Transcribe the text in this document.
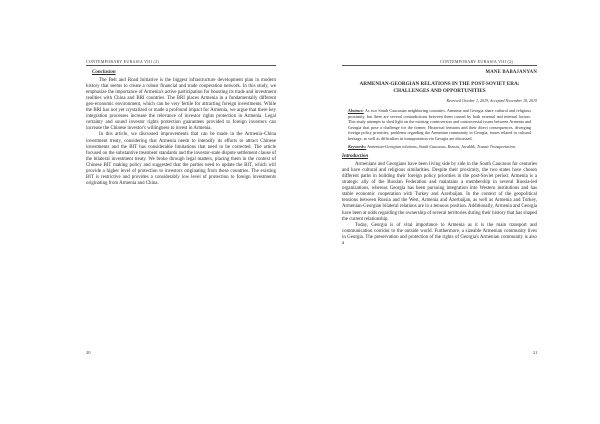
CONTEMPORARY EURASIA VIII (2)
Conclusion

The Belt and Road Initiative is the biggest infrastructure development plan in modern history that seems to create a robust financial and trade cooperation network. In this study, we emphasize the importance of Armenia's active participation for boosting its trade and investment realities with China and BRI countries. The BRI places Armenia in a fundamentally different geo-economic environment, which can be very fertile for attracting foreign investments. While the BRI has not yet crystalized or made a profound impact for Armenia, we argue that there key integration processes increase the relevance of investor rights protection in Armenia. Legal certainty and sound investor rights protection guarantees provided to foreign investors can increase the Chinese investor's willingness to invest in Armenia.

In this article, we discussed improvements that can be made in the Armenia–China investment treaty, considering that Armenia needs to intensify its efforts to attract Chinese investments and the BIT has considerable limitations that need to be corrected. The article focused on the substantive treatment standards and the investor-state dispute settlement clause of the bilateral investment treaty. We broke through legal matters, placing them in the context of Chinese BIT making policy and suggested that the parties need to update the BIT, which will provide a higher level of protection to investors originating from these countries. The existing BIT is restrictive and provides a considerably low level of protection to foreign investments originating from Armenia and China.

20
CONTEMPORARY EURASIA VIII (2)
MANE BABAJANYAN
ARMENIAN-GEORGIAN RELATIONS IN THE POST-SOVIET ERA: CHALLENGES AND OPPORTUNITIES
Received October 1, 2019, Accepted November 18, 2019
Abstract: As two South Caucasian neighboring countries, Armenia and Georgia share cultural and religious proximity, but there are several contradictions between them caused by both external and internal factors. This study attempts to shed light on the existing controversies and controversial issues between Armenia and Georgia that pose a challenge for the former. Historical tensions and their direct consequences, diverging foreign policy priorities, problems regarding the Armenian community in Georgia, issues related to cultural heritage, as well as difficulties in transportation via Georgia are discussed.
Keywords: Armenian-Georgian relations, South Caucasus, Russia, Javakhk, Transit Transportation.
Introduction

Armenians and Georgians have been living side by side in the South Caucasus for centuries and have cultural and religious similarities. Despite their proximity, the two states have chosen different paths in building their foreign policy priorities in the post-Soviet period. Armenia is a strategic ally of the Russian Federation and maintains a membership in several Russia-led organizations, whereas Georgia has been pursuing integration into Western institutions and has stable economic cooperation with Turkey and Azerbaijan. In the context of the geopolitical tensions between Russia and the West, Armenia and Azerbaijan, as well as Armenia and Turkey, Armenian-Georgian bilateral relations are in a tenuous position. Additionally, Armenia and Georgia have been at odds regarding the ownership of several territories during their history that has shaped the current relationship.

Today, Georgia is of vital importance to Armenia as it is the main transport and communication corridor to the outside world. Furthermore, a sizeable Armenian community lives in Georgia. The preservation and protection of the rights of Georgia's Armenian community is also a

21
